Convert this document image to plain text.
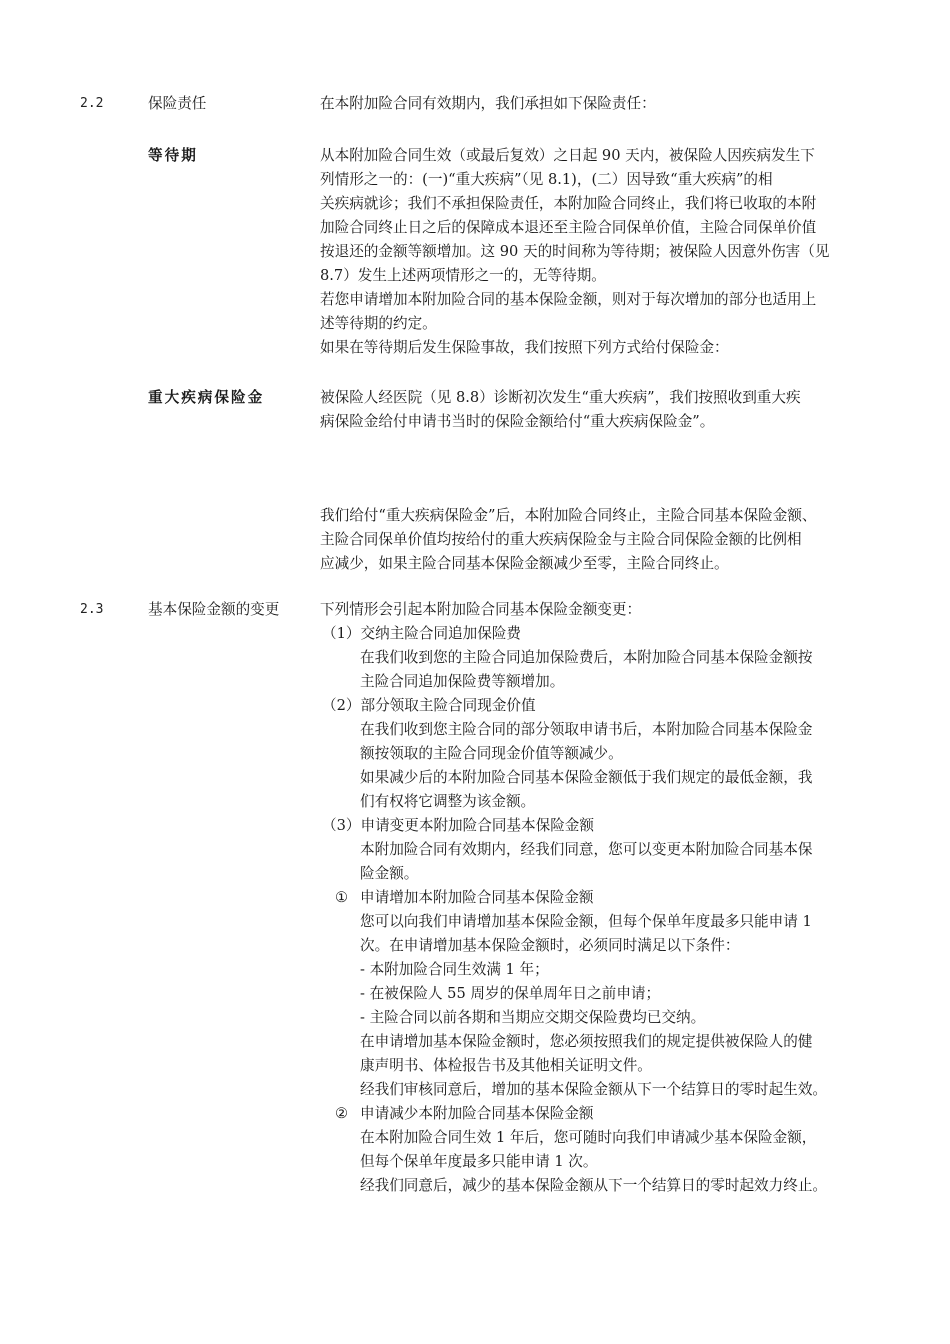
2.2	保险责任	在本附加险合同有效期内，我们承担如下保险责任：
等待期	从本附加险合同生效（或最后复效）之日起 90 天内，被保险人因疾病发生下
列情形之一的：(一)“重大疾病”（见 8.1)，(二）因导致“重大疾病”的相
关疾病就诊；我们不承担保险责任，本附加险合同终止，我们将已收取的本附
加险合同终止日之后的保障成本退还至主险合同保单价值，主险合同保单价值
按退还的金额等额增加。这 90 天的时间称为等待期；被保险人因意外伤害（见
8.7）发生上述两项情形之一的，无等待期。
若您申请增加本附加险合同的基本保险金额，则对于每次增加的部分也适用上
述等待期的约定。
如果在等待期后发生保险事故，我们按照下列方式给付保险金：
重大疾病保险金	被保险人经医院（见 8.8）诊断初次发生“重大疾病”，我们按照收到重大疾
病保险金给付申请书当时的保险金额给付“重大疾病保险金”。
我们给付“重大疾病保险金”后，本附加险合同终止，主险合同基本保险金额、
主险合同保单价值均按给付的重大疾病保险金与主险合同保险金额的比例相
应减少，如果主险合同基本保险金额减少至零，主险合同终止。
2.3	基本保险金额的变更	下列情形会引起本附加险合同基本保险金额变更：
（1）交纳主险合同追加保险费
在我们收到您的主险合同追加保险费后，本附加险合同基本保险金额按
主险合同追加保险费等额增加。
（2）部分领取主险合同现金价值
在我们收到您主险合同的部分领取申请书后，本附加险合同基本保险金
额按领取的主险合同现金价值等额减少。
如果减少后的本附加险合同基本保险金额低于我们规定的最低金额，我
们有权将它调整为该金额。
（3）申请变更本附加险合同基本保险金额
本附加险合同有效期内，经我们同意，您可以变更本附加险合同基本保
险金额。
① 申请增加本附加险合同基本保险金额
您可以向我们申请增加基本保险金额，但每个保单年度最多只能申请 1
次。在申请增加基本保险金额时，必须同时满足以下条件：
- 本附加险合同生效满 1 年；
- 在被保险人 55 周岁的保单周年日之前申请；
- 主险合同以前各期和当期应交期交保险费均已交纳。
在申请增加基本保险金额时，您必须按照我们的规定提供被保险人的健
康声明书、体检报告书及其他相关证明文件。
经我们审核同意后，增加的基本保险金额从下一个结算日的零时起生效。
② 申请减少本附加险合同基本保险金额
在本附加险合同生效 1 年后，您可随时向我们申请减少基本保险金额，
但每个保单年度最多只能申请 1 次。
经我们同意后，减少的基本保险金额从下一个结算日的零时起效力终止。
